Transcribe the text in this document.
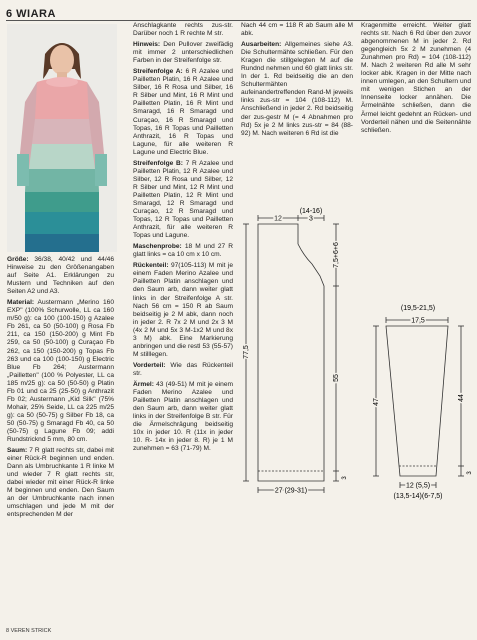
6 WIARA

Größe: 36/38, 40/42 und 44/46 Hinweise zu den Größenangaben auf Seite A1. Erklärungen zu Mustern und Techniken auf den Seiten A2 und A3.

Material: Austermann „Merino 160 EXP" (100% Schurwolle, LL ca 160 m/50 g): ca 100 (100-150) g Azalee Fb 261, ca 50 (50-100) g Rosa Fb 211, ca 150 (150-200) g Mint Fb 259, ca 50 (50-100) g Curaçao Fb 262, ca 150 (150-200) g Topas Fb 263 und ca 100 (100-150) g Electric Blue Fb 264; Austermann „Pailletten" (100 % Polyester, LL ca 185 m/25 g): ca 50 (50-50) g Platin Fb 01 und ca 25 (25-50) g Anthrazit Fb 02; Austermann „Kid Silk" (75% Mohair, 25% Seide, LL ca 225 m/25 g): ca 50 (50-75) g Silber Fb 18, ca 50 (50-75) g Smaragd Fb 40, ca 50 (50-75) g Lagune Fb 09; addi Rundstricknd 5 mm, 80 cm.

Saum: 7 R glatt rechts str, dabei mit einer Rück-R beginnen und enden. Dann als Umbruchkante 1 R linke M und wieder 7 R glatt rechts str, dabei wieder mit einer Rück-R linke M beginnen und enden. Den Saum an der Umbruchkante nach innen umschlagen und jede M mit der entsprechenden M der

Anschlagkante rechts zus-str. Darüber noch 1 R rechte M str.

Hinweis: Den Pullover zweifädig mit immer 2 unterschiedlichen Farben in der Streifenfolge str.

Streifenfolge A: 6 R Azalee und Pailletten Platin, 16 R Azalee und Silber, 16 R Rosa und Silber, 16 R Silber und Mint, 16 R Mint und Pailletten Platin, 16 R Mint und Smaragd, 16 R Smaragd und Curaçao, 16 R Smaragd und Topas, 16 R Topas und Pailletten Anthrazit, 16 R Topas und Lagune, für alle weiteren R Lagune und Electric Blue.

Streifenfolge B: 7 R Azalee und Pailletten Platin, 12 R Azalee und Silber, 12 R Rosa und Silber, 12 R Silber und Mint, 12 R Mint und Pailletten Platin, 12 R Mint und Smaragd, 12 R Smaragd und Curaçao, 12 R Smaragd und Topas, 12 R Topas und Pailletten Anthrazit, für alle weiteren R Topas und Lagune.

Maschenprobe: 18 M und 27 R glatt links = ca 10 cm x 10 cm.

Rückenteil: 97(105-113) M mit je einem Faden Merino Azalee und Pailletten Platin anschlagen und den Saum arb, dann weiter glatt links in der Streifenfolge A str. Nach 56 cm = 150 R ab Saum beidseitig je 2 M abk, dann noch in jeder 2. R 7x 2 M und 2x 3 M (4x 2 M und 5x 3 M-1x2 M und 8x 3 M) abk. Eine Markierung anbringen und die restl 53 (55-57) M stilllegen.

Vorderteil: Wie das Rückenteil str.

Ärmel: 43 (49-51) M mit je einem Faden Merino Azalee und Pailletten Platin anschlagen und den Saum arb, dann weiter glatt links in der Streifenfolge B str. Für die Ärmelschrägung beidseitig 10x in jeder 10. R (11x in jeder 10. R- 14x in jeder 8. R) je 1 M zunehmen = 63 (71-79) M.

Nach 44 cm = 118 R ab Saum alle M abk.

Ausarbeiten: Allgemeines siehe A3. Die Schultermähte schließen. Für den Kragen die stillgelegten M auf die Rundnd nehmen und 60 glatt links str. In der 1. Rd beidseitig die an den Schultermähten aufeinandertreffenden Rand-M jeweils links zus-str = 104 (108-112) M. Anschließend in jeder 2. Rd beidseitig der zus-gestr M (= 4 Abnahmen pro Rd) 5x je 2 M links zus-str = 84 (88-92) M. Nach weiteren 6 Rd ist die

Kragenmitte erreicht. Weiter glatt rechts str. Nach 6 Rd über den zuvor abgenommenen M in jeder 2. Rd gegengleich 5x 2 M zunehmen (4 Zunahmen pro Rd) = 104 (108-112) M. Nach 2 weiteren Rd alle M sehr locker abk. Kragen in der Mitte nach innen umlegen, an den Schultern und mit wenigen Stichen an der Innenseite locker annähen. Die Ärmelnähte schließen, dann die Ärmel leicht gedehnt an Rücken- und Vorderteil nähen und die Seitennähte schließen.

(14-16)
12	3
7,5+6+6
77,5
55
3
27 (29-31)
(19,5-21,5)
17,5
47
44
3
12 (5,5)
(13,5-14)(6-7,5)
8 VEREN STRICK
